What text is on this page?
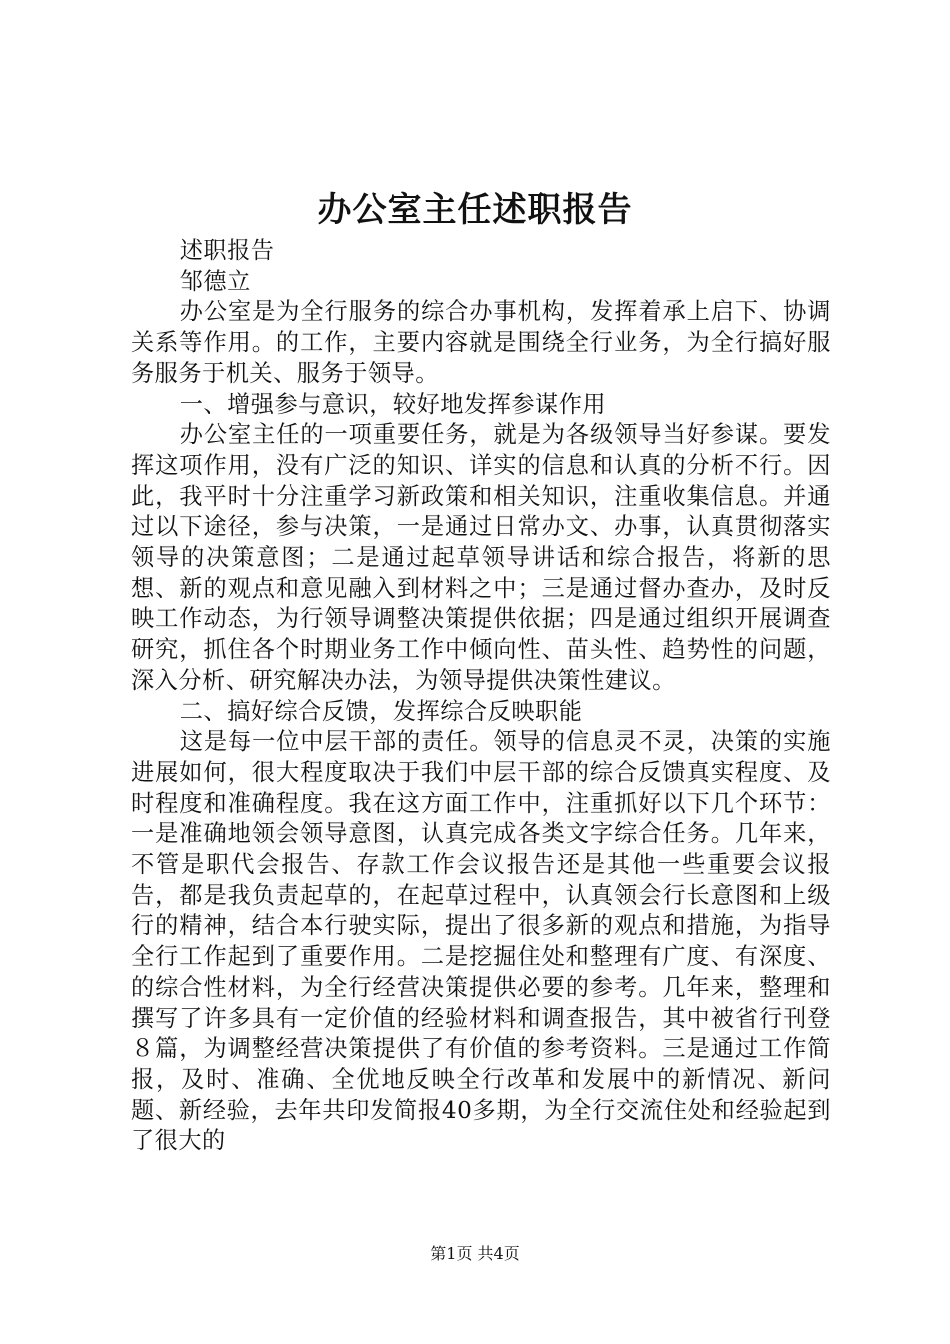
办公室主任述职报告

述职报告

邹德立

办公室是为全行服务的综合办事机构，发挥着承上启下、协调关系等作用。的工作，主要内容就是围绕全行业务，为全行搞好服务服务于机关、服务于领导。

一、增强参与意识，较好地发挥参谋作用

办公室主任的一项重要任务，就是为各级领导当好参谋。要发挥这项作用，没有广泛的知识、详实的信息和认真的分析不行。因此，我平时十分注重学习新政策和相关知识，注重收集信息。并通过以下途径，参与决策，一是通过日常办文、办事，认真贯彻落实领导的决策意图；二是通过起草领导讲话和综合报告，将新的思想、新的观点和意见融入到材料之中；三是通过督办查办，及时反映工作动态，为行领导调整决策提供依据；四是通过组织开展调查研究，抓住各个时期业务工作中倾向性、苗头性、趋势性的问题，深入分析、研究解决办法，为领导提供决策性建议。

二、搞好综合反馈，发挥综合反映职能

这是每一位中层干部的责任。领导的信息灵不灵，决策的实施进展如何，很大程度取决于我们中层干部的综合反馈真实程度、及时程度和准确程度。我在这方面工作中，注重抓好以下几个环节：一是准确地领会领导意图，认真完成各类文字综合任务。几年来，不管是职代会报告、存款工作会议报告还是其他一些重要会议报告，都是我负责起草的，在起草过程中，认真领会行长意图和上级行的精神，结合本行驶实际，提出了很多新的观点和措施，为指导全行工作起到了重要作用。二是挖掘住处和整理有广度、有深度、的综合性材料，为全行经营决策提供必要的参考。几年来，整理和撰写了许多具有一定价值的经验材料和调查报告，其中被省行刊登８篇，为调整经营决策提供了有价值的参考资料。三是通过工作简报，及时、准确、全优地反映全行改革和发展中的新情况、新问题、新经验，去年共印发简报40多期，为全行交流住处和经验起到了很大的

第1页 共4页
